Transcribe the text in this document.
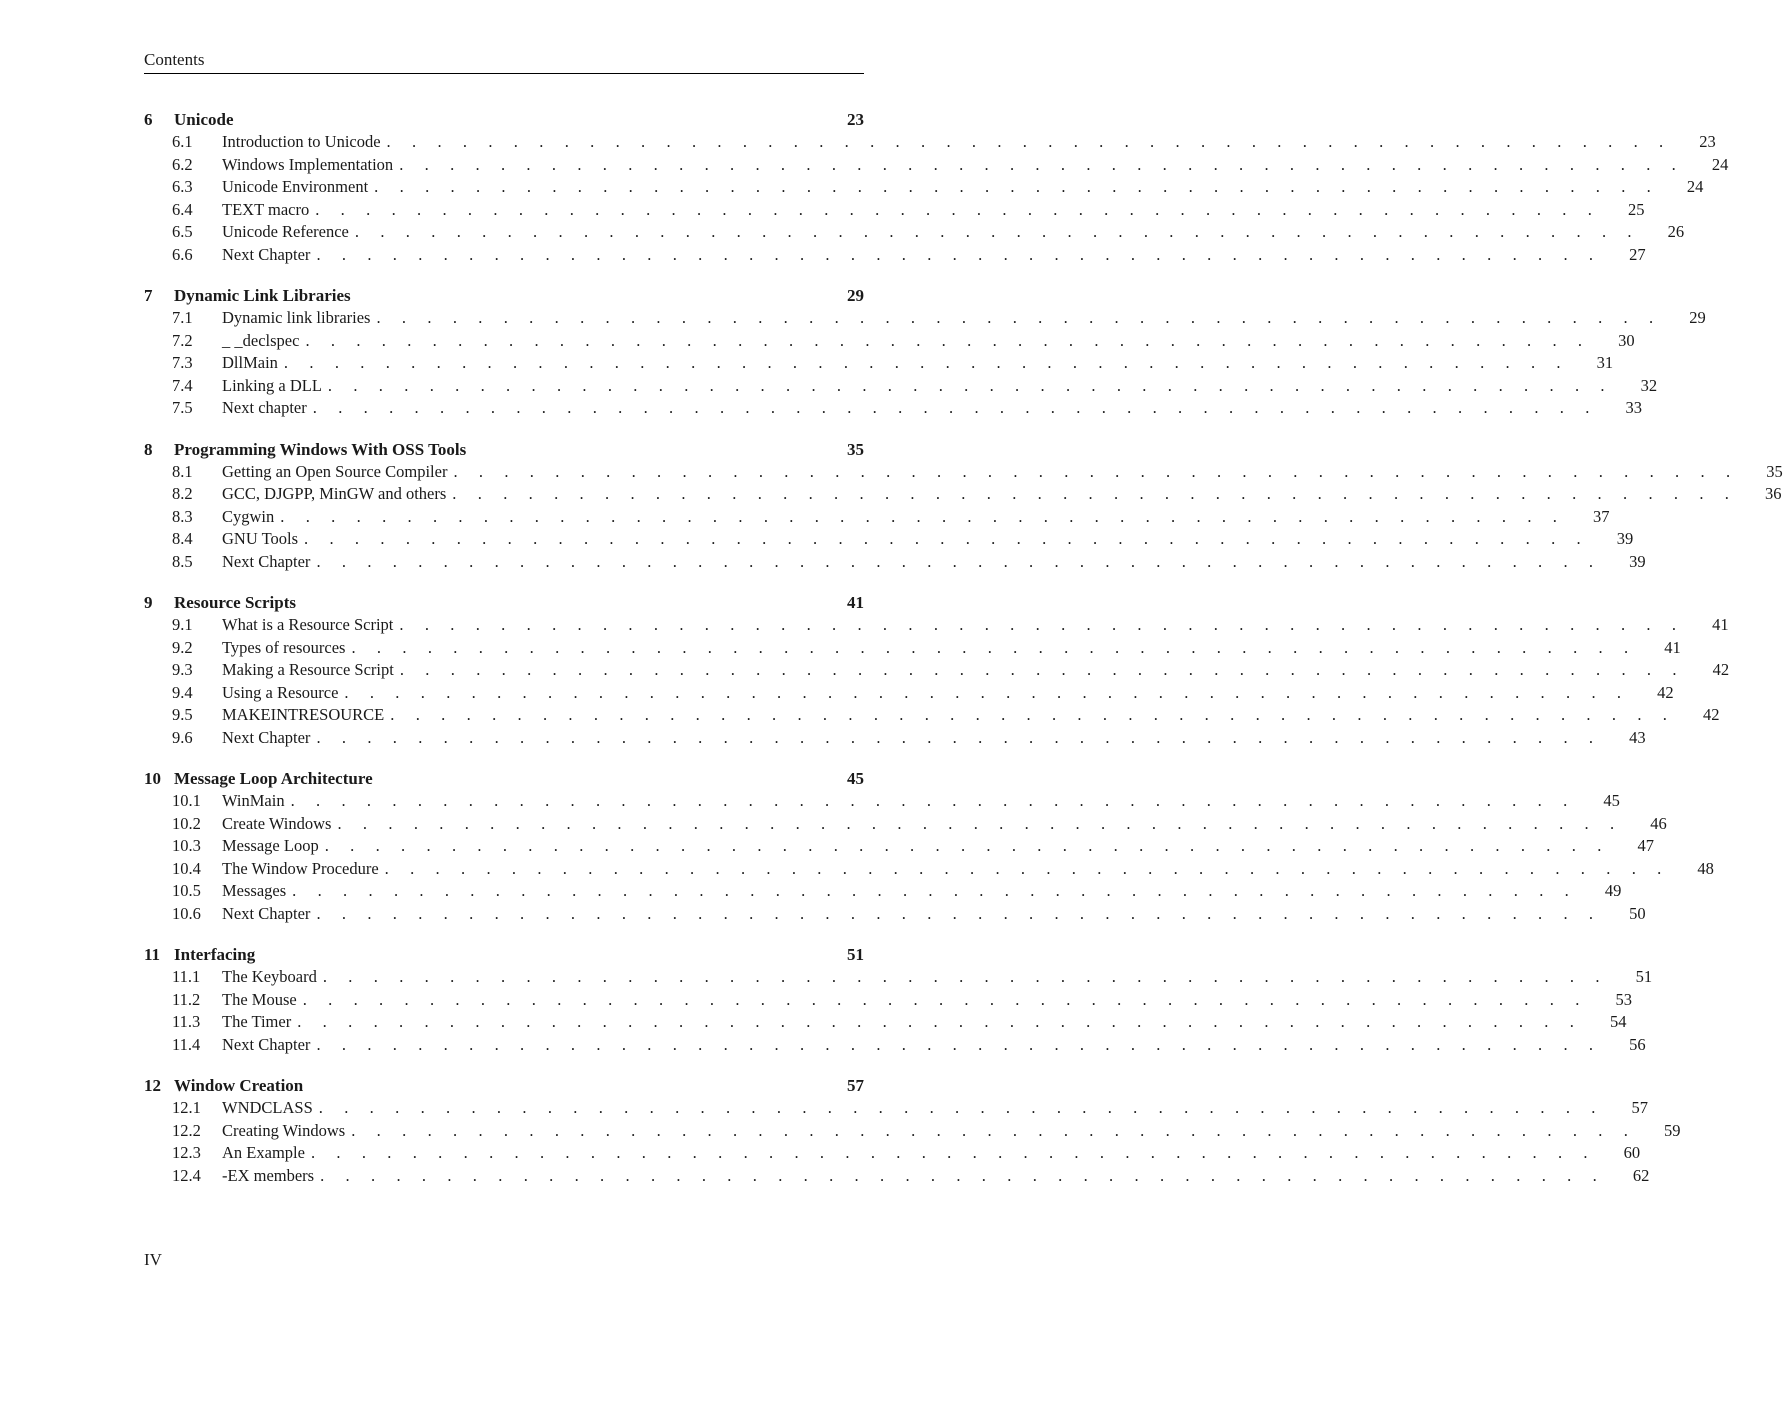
Contents
6	Unicode	23
6.1	Introduction to Unicode . . . . . . . . . . . . . . . . . . . . . . . . . . . . . . . . . . . . . . . . . . . . . . . . . . .	23
6.2	Windows Implementation . . . . . . . . . . . . . . . . . . . . . . . . . . . . . . . . . . . . . . . . . . . . . . . . . . .	24
6.3	Unicode Environment . . . . . . . . . . . . . . . . . . . . . . . . . . . . . . . . . . . . . . . . . . . . . . . . . . .	24
6.4	TEXT macro . . . . . . . . . . . . . . . . . . . . . . . . . . . . . . . . . . . . . . . . . . . . . . . . . . .	25
6.5	Unicode Reference . . . . . . . . . . . . . . . . . . . . . . . . . . . . . . . . . . . . . . . . . . . . . . . . . . .	26
6.6	Next Chapter . . . . . . . . . . . . . . . . . . . . . . . . . . . . . . . . . . . . . . . . . . . . . . . . . . .	27
7	Dynamic Link Libraries	29
7.1	Dynamic link libraries . . . . . . . . . . . . . . . . . . . . . . . . . . . . . . . . . . . . . . . . . . . . . . . . . . .	29
7.2	_ _declspec . . . . . . . . . . . . . . . . . . . . . . . . . . . . . . . . . . . . . . . . . . . . . . . . . . .	30
7.3	DllMain . . . . . . . . . . . . . . . . . . . . . . . . . . . . . . . . . . . . . . . . . . . . . . . . . . .	31
7.4	Linking a DLL . . . . . . . . . . . . . . . . . . . . . . . . . . . . . . . . . . . . . . . . . . . . . . . . . . .	32
7.5	Next chapter . . . . . . . . . . . . . . . . . . . . . . . . . . . . . . . . . . . . . . . . . . . . . . . . . . .	33
8	Programming Windows With OSS Tools	35
8.1	Getting an Open Source Compiler . . . . . . . . . . . . . . . . . . . . . . . . . . . . . . . . . . . . . . . . . . . . . . . . . . .	35
8.2	GCC, DJGPP, MinGW and others . . . . . . . . . . . . . . . . . . . . . . . . . . . . . . . . . . . . . . . . . . . . . . . . . . .	36
8.3	Cygwin . . . . . . . . . . . . . . . . . . . . . . . . . . . . . . . . . . . . . . . . . . . . . . . . . . .	37
8.4	GNU Tools . . . . . . . . . . . . . . . . . . . . . . . . . . . . . . . . . . . . . . . . . . . . . . . . . . .	39
8.5	Next Chapter . . . . . . . . . . . . . . . . . . . . . . . . . . . . . . . . . . . . . . . . . . . . . . . . . . .	39
9	Resource Scripts	41
9.1	What is a Resource Script . . . . . . . . . . . . . . . . . . . . . . . . . . . . . . . . . . . . . . . . . . . . . . . . . . .	41
9.2	Types of resources . . . . . . . . . . . . . . . . . . . . . . . . . . . . . . . . . . . . . . . . . . . . . . . . . . .	41
9.3	Making a Resource Script . . . . . . . . . . . . . . . . . . . . . . . . . . . . . . . . . . . . . . . . . . . . . . . . . . .	42
9.4	Using a Resource . . . . . . . . . . . . . . . . . . . . . . . . . . . . . . . . . . . . . . . . . . . . . . . . . . .	42
9.5	MAKEINTRESOURCE . . . . . . . . . . . . . . . . . . . . . . . . . . . . . . . . . . . . . . . . . . . . . . . . . . .	42
9.6	Next Chapter . . . . . . . . . . . . . . . . . . . . . . . . . . . . . . . . . . . . . . . . . . . . . . . . . . .	43
10 Message Loop Architecture	45
10.1	WinMain . . . . . . . . . . . . . . . . . . . . . . . . . . . . . . . . . . . . . . . . . . . . . . . . . . .	45
10.2	Create Windows . . . . . . . . . . . . . . . . . . . . . . . . . . . . . . . . . . . . . . . . . . . . . . . . . . .	46
10.3	Message Loop . . . . . . . . . . . . . . . . . . . . . . . . . . . . . . . . . . . . . . . . . . . . . . . . . . .	47
10.4	The Window Procedure . . . . . . . . . . . . . . . . . . . . . . . . . . . . . . . . . . . . . . . . . . . . . . . . . . .	48
10.5	Messages . . . . . . . . . . . . . . . . . . . . . . . . . . . . . . . . . . . . . . . . . . . . . . . . . . .	49
10.6	Next Chapter . . . . . . . . . . . . . . . . . . . . . . . . . . . . . . . . . . . . . . . . . . . . . . . . . . .	50
11 Interfacing	51
11.1	The Keyboard . . . . . . . . . . . . . . . . . . . . . . . . . . . . . . . . . . . . . . . . . . . . . . . . . . .	51
11.2	The Mouse . . . . . . . . . . . . . . . . . . . . . . . . . . . . . . . . . . . . . . . . . . . . . . . . . . .	53
11.3	The Timer . . . . . . . . . . . . . . . . . . . . . . . . . . . . . . . . . . . . . . . . . . . . . . . . . . .	54
11.4	Next Chapter . . . . . . . . . . . . . . . . . . . . . . . . . . . . . . . . . . . . . . . . . . . . . . . . . . .	56
12 Window Creation	57
12.1	WNDCLASS . . . . . . . . . . . . . . . . . . . . . . . . . . . . . . . . . . . . . . . . . . . . . . . . . . .	57
12.2	Creating Windows . . . . . . . . . . . . . . . . . . . . . . . . . . . . . . . . . . . . . . . . . . . . . . . . . . .	59
12.3	An Example . . . . . . . . . . . . . . . . . . . . . . . . . . . . . . . . . . . . . . . . . . . . . . . . . . .	60
12.4	-EX members . . . . . . . . . . . . . . . . . . . . . . . . . . . . . . . . . . . . . . . . . . . . . . . . . . .	62
IV
